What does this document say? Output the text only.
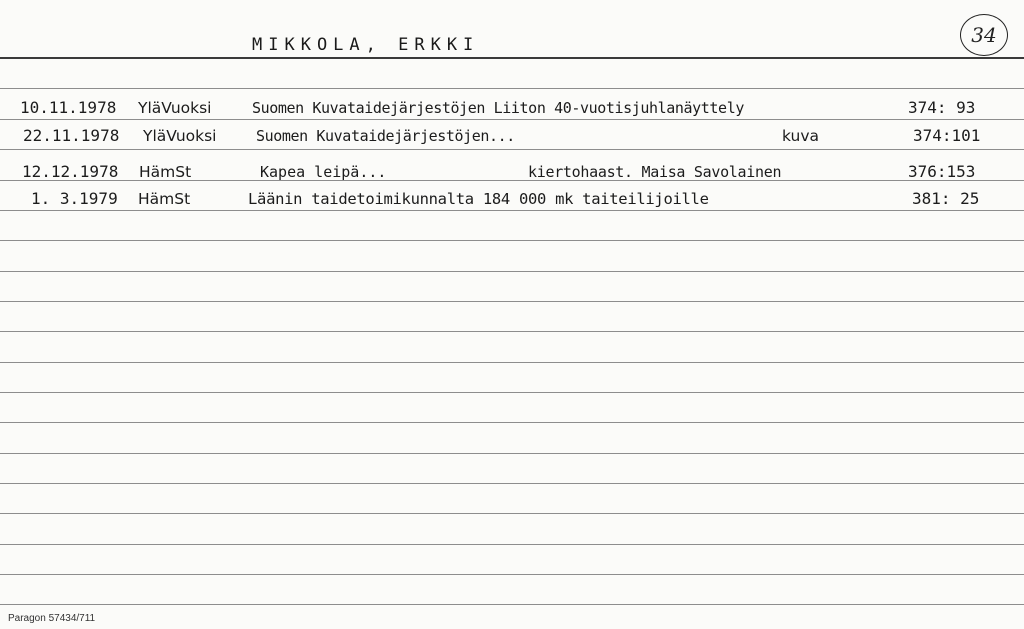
MIKKOLA, ERKKI	34
10.11.1978 YläVuoksi	Suomen Kuvataidejärjestöjen Liiton 40-vuotisjuhlanäyttely	374: 93
22.11.1978 YläVuoksi	Suomen Kuvataidejärjestöjen...	kuva	374:101
12.12.1978 HämSt	Kapea leipä...	kiertohaast. Maisa Savolainen	376:153
1. 3.1979 HämSt	Läänin taidetoimikunnalta 184 000 mk taiteilijoille	381: 25
Paragon 57434/711
